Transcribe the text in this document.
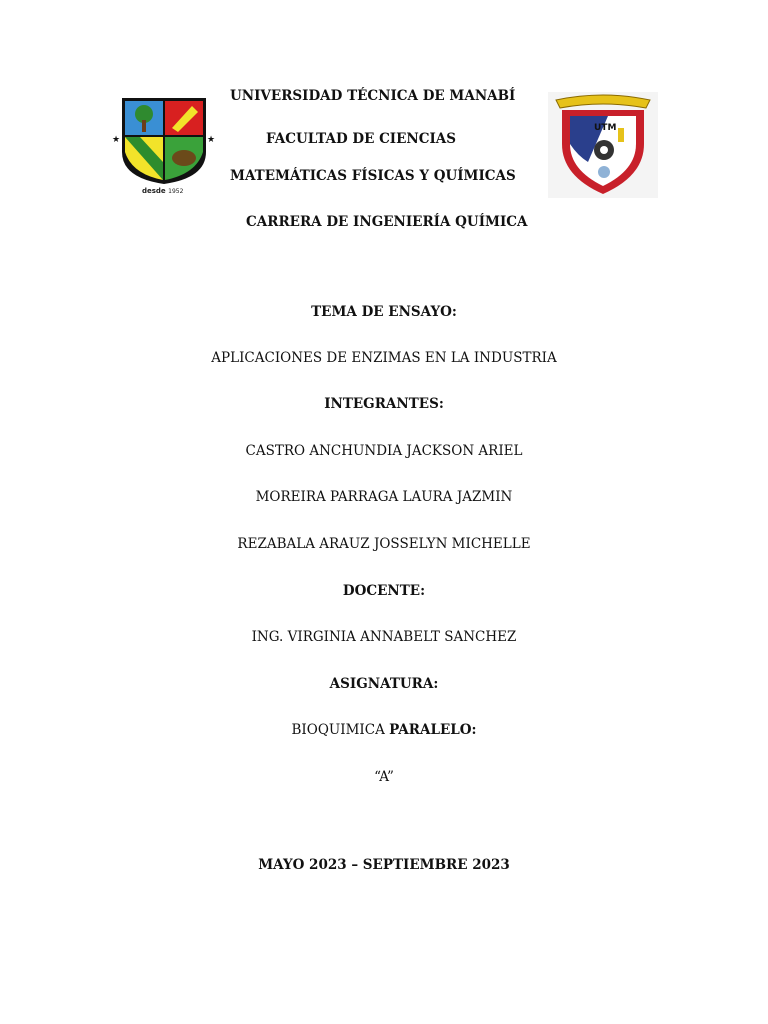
★	★
desde 1952
UTM
UNIVERSIDAD TÉCNICA DE MANABÍ
FACULTAD DE CIENCIAS
MATEMÁTICAS FÍSICAS Y QUÍMICAS
CARRERA DE INGENIERÍA QUÍMICA
TEMA DE ENSAYO:
APLICACIONES DE ENZIMAS EN LA INDUSTRIA
INTEGRANTES:
CASTRO ANCHUNDIA JACKSON ARIEL
MOREIRA PARRAGA LAURA JAZMIN
REZABALA ARAUZ JOSSELYN MICHELLE
DOCENTE:
ING. VIRGINIA ANNABELT SANCHEZ
ASIGNATURA:
BIOQUIMICA PARALELO:
“A”
MAYO 2023 – SEPTIEMBRE 2023
